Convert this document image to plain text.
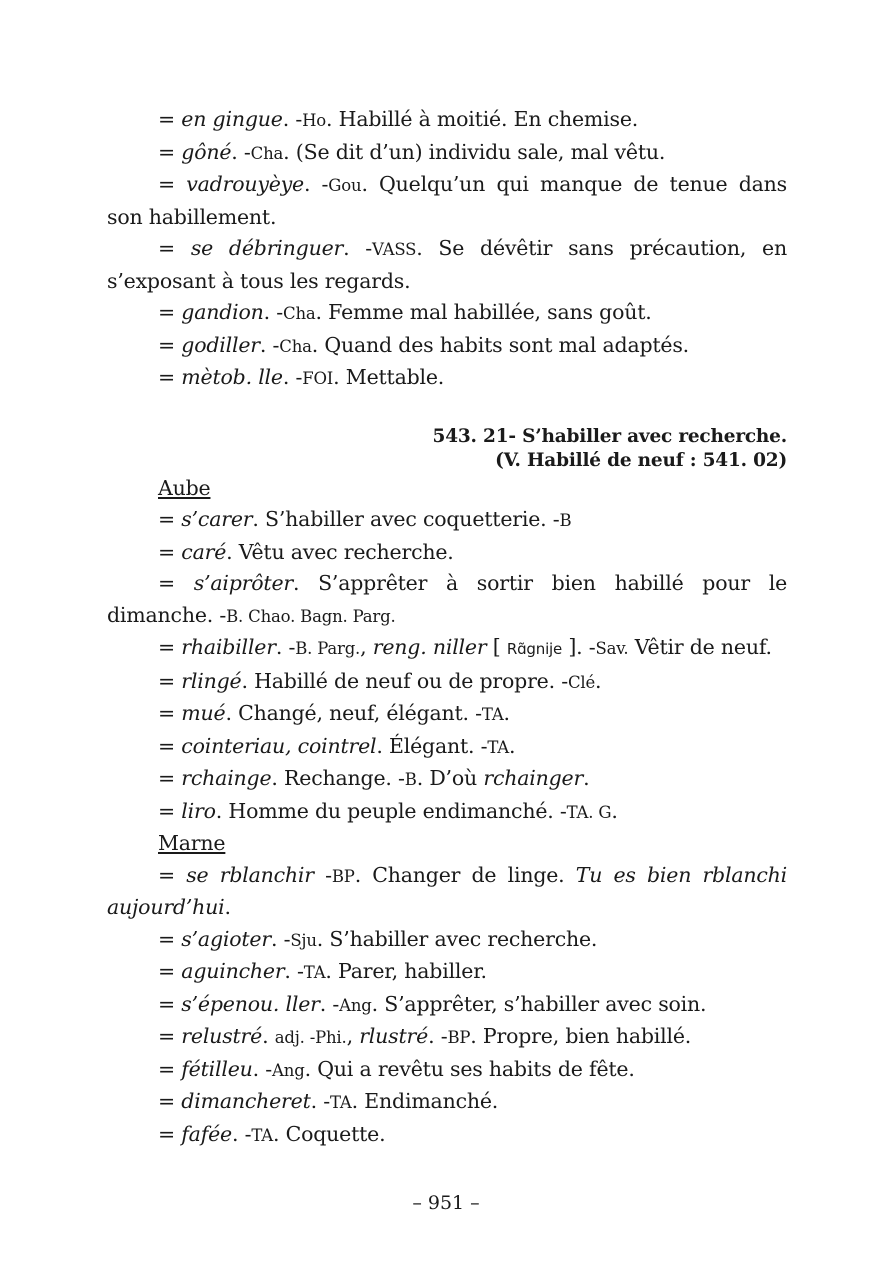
= en gingue. -Ho. Habillé à moitié. En chemise.

= gôné. -Cha. (Se dit d’un) individu sale, mal vêtu.

= vadrouyèye. -Gou. Quelqu’un qui manque de tenue dans son habillement.

= se débringuer. -VASS. Se dévêtir sans précaution, en s’exposant à tous les regards.

= gandion. -Cha. Femme mal habillée, sans goût.

= godiller. -Cha. Quand des habits sont mal adaptés.

= mètob. lle. -FOI. Mettable.

543. 21- S’habiller avec recherche.
(V. Habillé de neuf : 541. 02)

Aube

= s’carer. S’habiller avec coquetterie. -B

= caré. Vêtu avec recherche.

= s’aiprôter. S’apprêter à sortir bien habillé pour le dimanche. -B. Chao. Bagn. Parg.

= rhaibiller. -B. Parg., reng. niller [ Rɑ̃gnije ]. -Sav. Vêtir de neuf.

= rlingé. Habillé de neuf ou de propre. -Clé.

= mué. Changé, neuf, élégant. -TA.

= cointeriau, cointrel. Élégant. -TA.

= rchainge. Rechange. -B. D’où rchainger.

= liro. Homme du peuple endimanché. -TA. G.

Marne

= se rblanchir -BP. Changer de linge. Tu es bien rblanchi aujourd’hui.

= s’agioter. -Sju. S’habiller avec recherche.

= aguincher. -TA. Parer, habiller.

= s’épenou. ller. -Ang. S’apprêter, s’habiller avec soin.

= relustré. adj. -Phi., rlustré. -BP. Propre, bien habillé.

= fétilleu. -Ang. Qui a revêtu ses habits de fête.

= dimancheret. -TA. Endimanché.

= fafée. -TA. Coquette.

– 951 –
